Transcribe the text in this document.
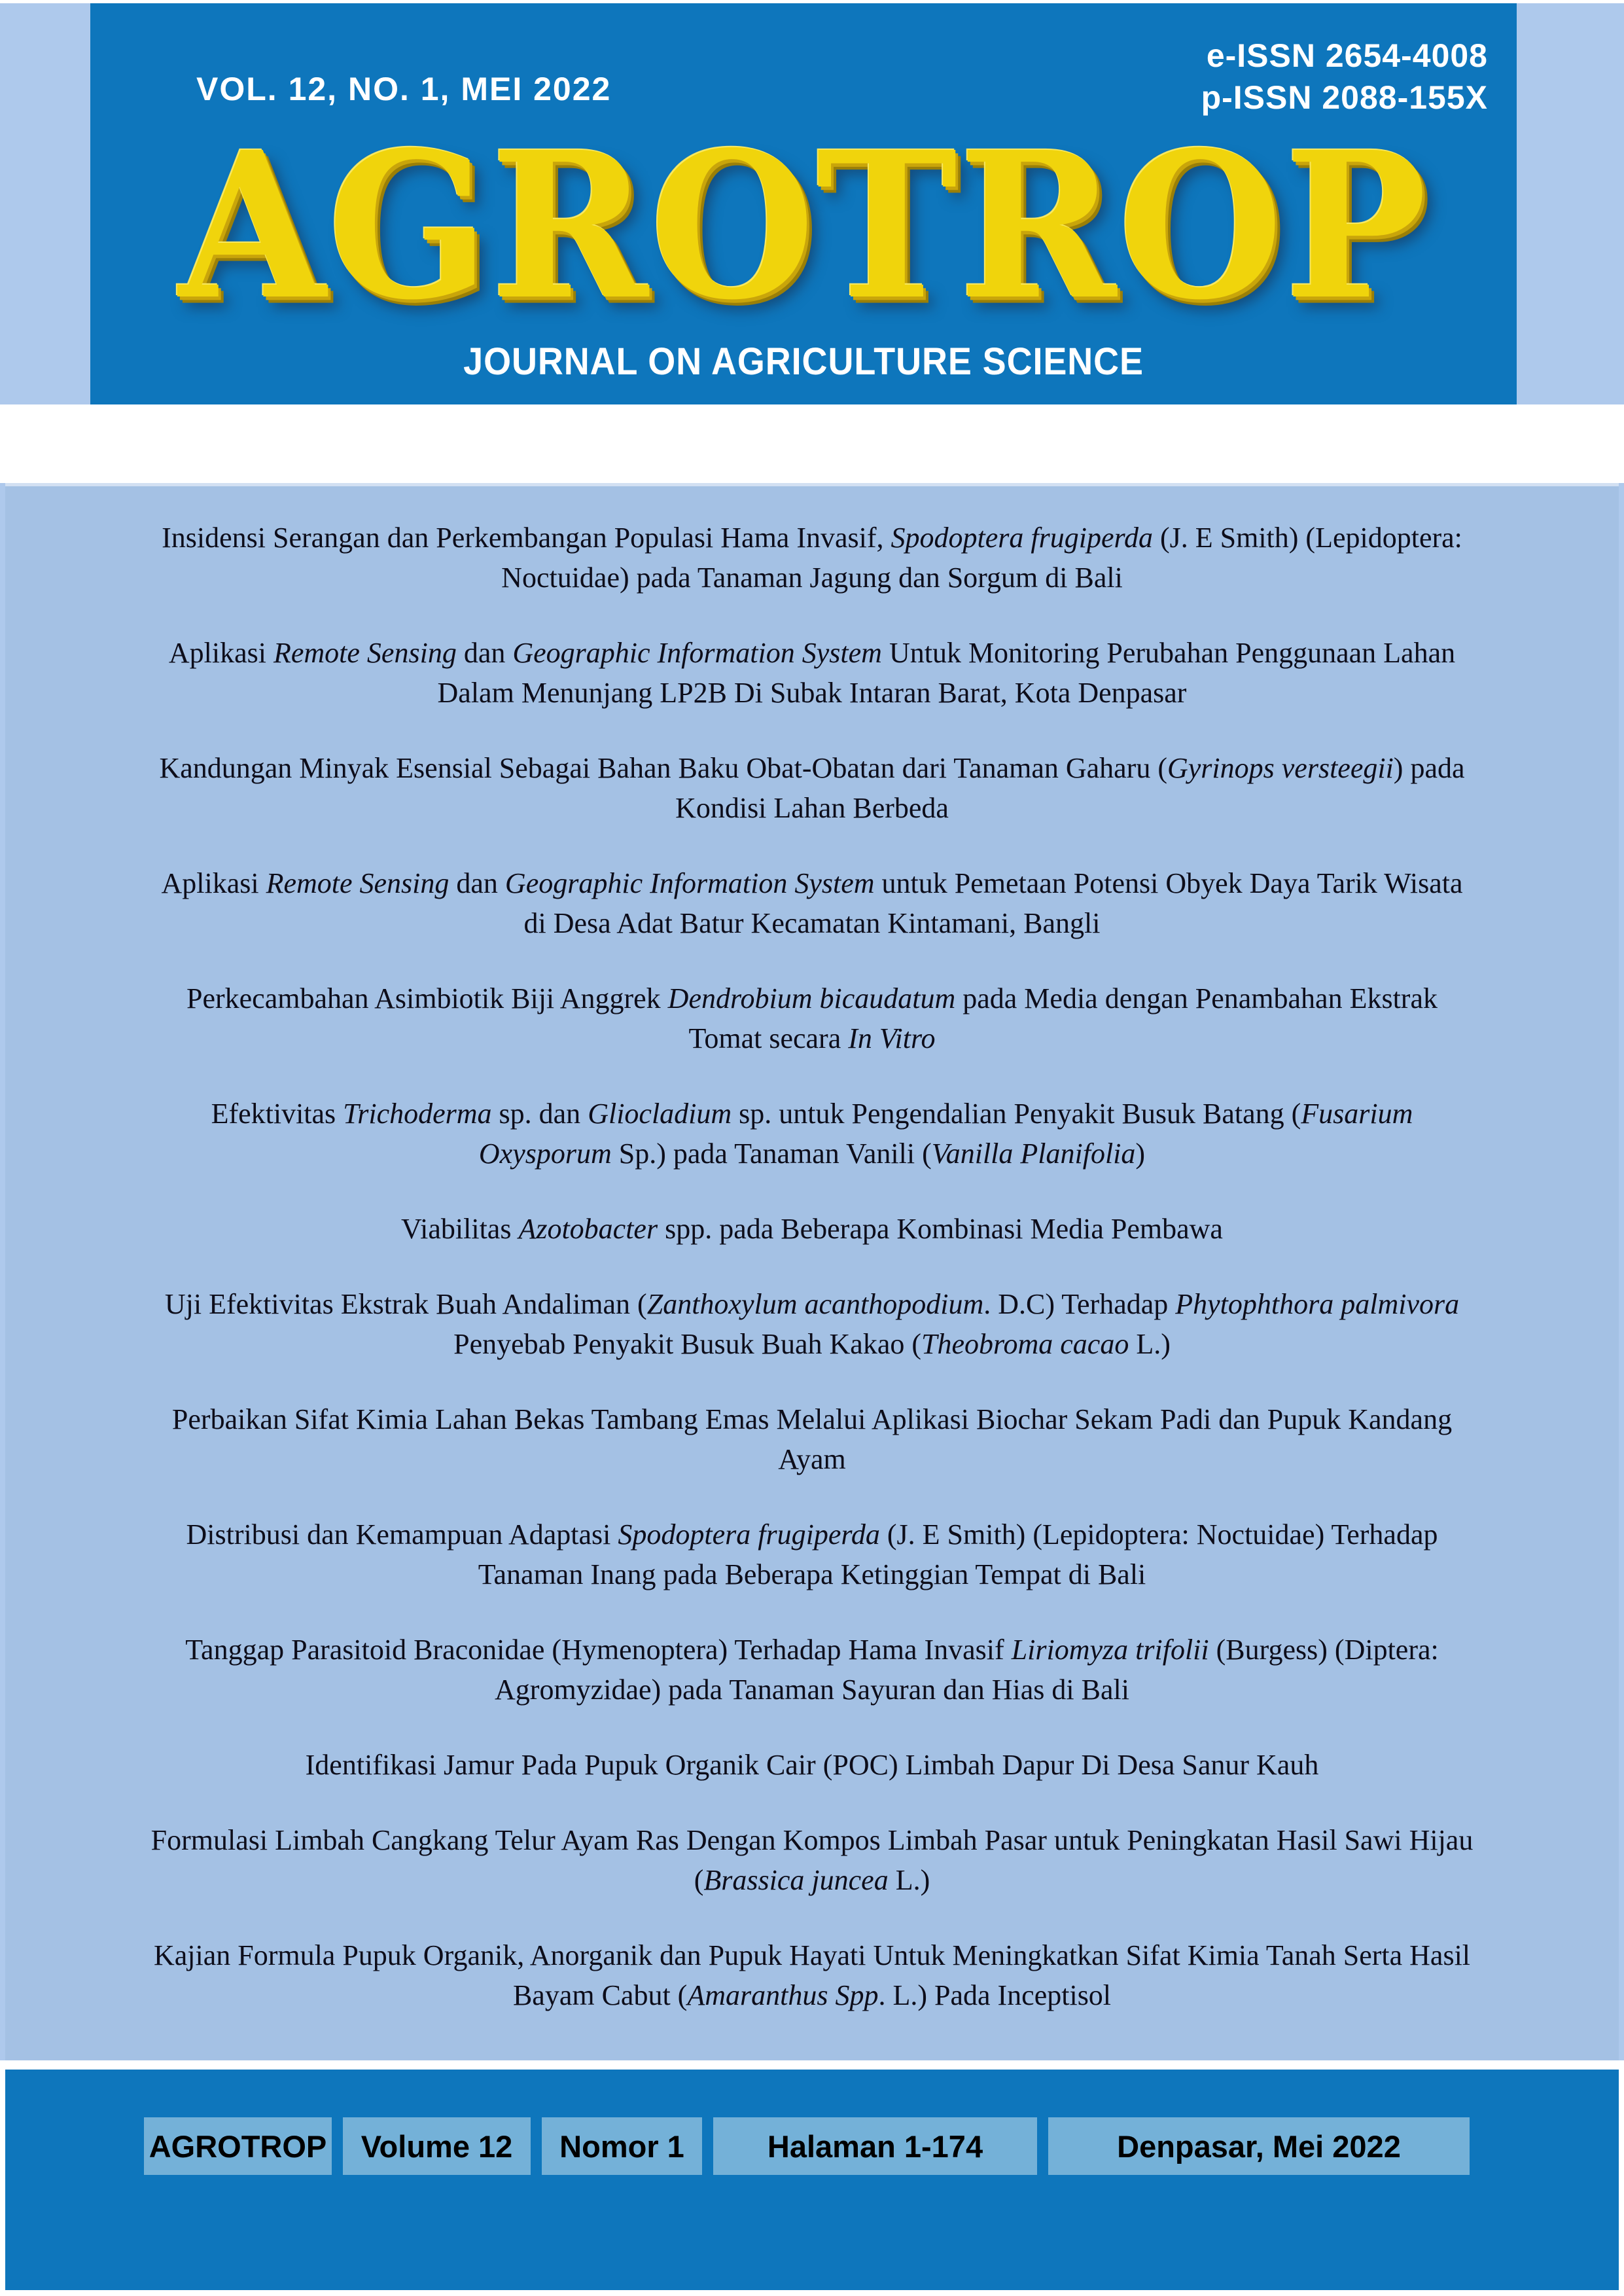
VOL. 12, NO. 1, MEI 2022
e-ISSN 2654-4008
p-ISSN 2088-155X
AGROTROP
JOURNAL ON AGRICULTURE SCIENCE

Insidensi Serangan dan Perkembangan Populasi Hama Invasif, Spodoptera frugiperda (J. E Smith) (Lepidoptera: Noctuidae) pada Tanaman Jagung dan Sorgum di Bali

Aplikasi Remote Sensing dan Geographic Information System Untuk Monitoring Perubahan Penggunaan Lahan Dalam Menunjang LP2B Di Subak Intaran Barat, Kota Denpasar

Kandungan Minyak Esensial Sebagai Bahan Baku Obat-Obatan dari Tanaman Gaharu (Gyrinops versteegii) pada Kondisi Lahan Berbeda

Aplikasi Remote Sensing dan Geographic Information System untuk Pemetaan Potensi Obyek Daya Tarik Wisata di Desa Adat Batur Kecamatan Kintamani, Bangli

Perkecambahan Asimbiotik Biji Anggrek Dendrobium bicaudatum pada Media dengan Penambahan Ekstrak Tomat secara In Vitro

Efektivitas Trichoderma sp. dan Gliocladium sp. untuk Pengendalian Penyakit Busuk Batang (Fusarium Oxysporum Sp.) pada Tanaman Vanili (Vanilla Planifolia)

Viabilitas Azotobacter spp. pada Beberapa Kombinasi Media Pembawa

Uji Efektivitas Ekstrak Buah Andaliman (Zanthoxylum acanthopodium. D.C) Terhadap Phytophthora palmivora Penyebab Penyakit Busuk Buah Kakao (Theobroma cacao L.)

Perbaikan Sifat Kimia Lahan Bekas Tambang Emas Melalui Aplikasi Biochar Sekam Padi dan Pupuk Kandang Ayam

Distribusi dan Kemampuan Adaptasi Spodoptera frugiperda (J. E Smith) (Lepidoptera: Noctuidae) Terhadap Tanaman Inang pada Beberapa Ketinggian Tempat di Bali

Tanggap Parasitoid Braconidae (Hymenoptera) Terhadap Hama Invasif Liriomyza trifolii (Burgess) (Diptera: Agromyzidae) pada Tanaman Sayuran dan Hias di Bali

Identifikasi Jamur Pada Pupuk Organik Cair (POC) Limbah Dapur Di Desa Sanur Kauh

Formulasi Limbah Cangkang Telur Ayam Ras Dengan Kompos Limbah Pasar untuk Peningkatan Hasil Sawi Hijau (Brassica juncea L.)

Kajian Formula Pupuk Organik, Anorganik dan Pupuk Hayati Untuk Meningkatkan Sifat Kimia Tanah Serta Hasil Bayam Cabut (Amaranthus Spp. L.) Pada Inceptisol

AGROTROP	Volume 12	Nomor 1	Halaman 1-174	Denpasar, Mei 2022
